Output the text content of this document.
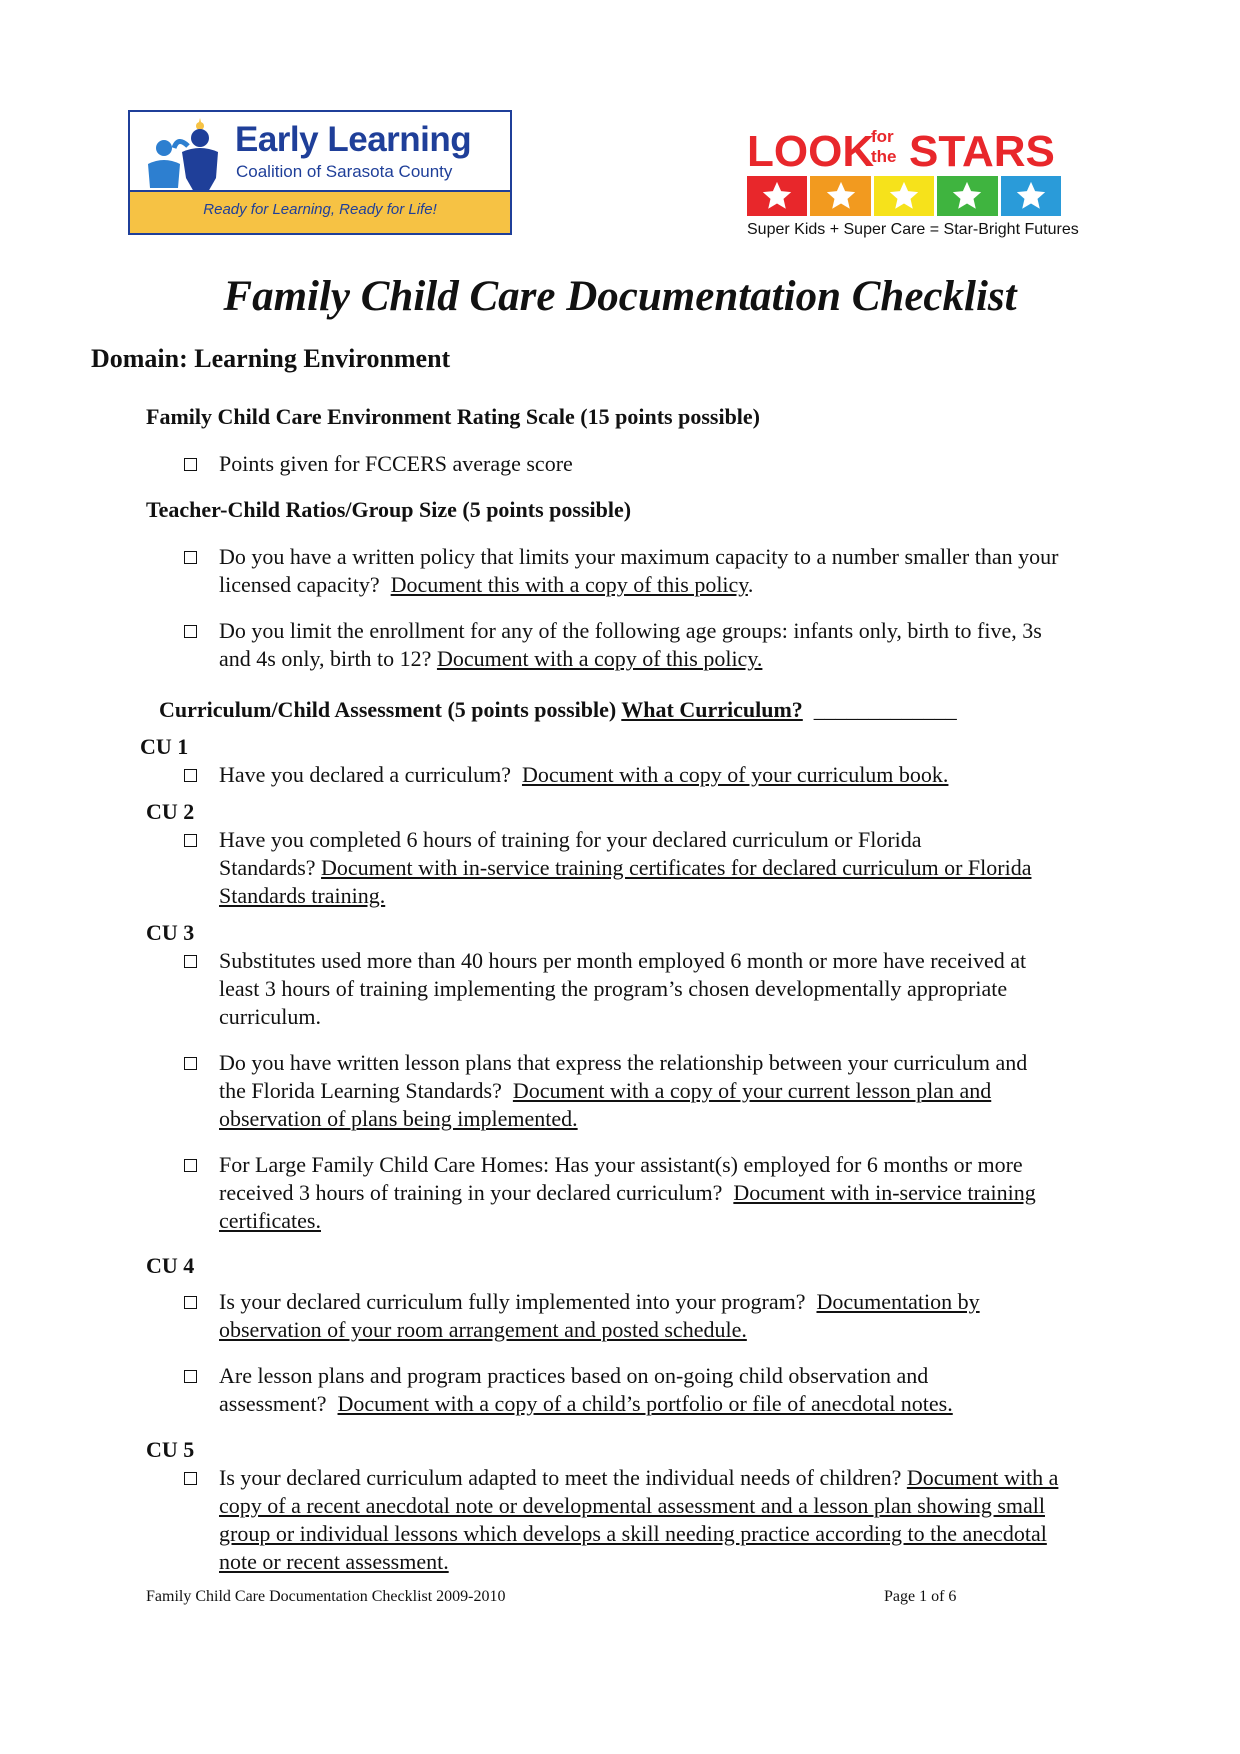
Early Learning
Coalition of Sarasota County
Ready for Learning, Ready for Life!
LOOK
for
the STARS
Super Kids + Super Care = Star-Bright Futures
Family Child Care Documentation Checklist
Domain: Learning Environment
Family Child Care Environment Rating Scale (15 points possible)
Points given for FCCERS average score
Teacher-Child Ratios/Group Size (5 points possible)
Do you have a written policy that limits your maximum capacity to a number smaller than your licensed capacity? Document this with a copy of this policy.
Do you limit the enrollment for any of the following age groups: infants only, birth to five, 3s and 4s only, birth to 12? Document with a copy of this policy.
Curriculum/Child Assessment (5 points possible) What Curriculum? _____________
CU 1
Have you declared a curriculum? Document with a copy of your curriculum book.
CU 2
Have you completed 6 hours of training for your declared curriculum or Florida Standards? Document with in-service training certificates for declared curriculum or Florida Standards training.
CU 3
Substitutes used more than 40 hours per month employed 6 month or more have received at least 3 hours of training implementing the program’s chosen developmentally appropriate curriculum.
Do you have written lesson plans that express the relationship between your curriculum and the Florida Learning Standards? Document with a copy of your current lesson plan and observation of plans being implemented.
For Large Family Child Care Homes: Has your assistant(s) employed for 6 months or more received 3 hours of training in your declared curriculum? Document with in-service training certificates.
CU 4
Is your declared curriculum fully implemented into your program? Documentation by observation of your room arrangement and posted schedule.
Are lesson plans and program practices based on on-going child observation and assessment? Document with a copy of a child’s portfolio or file of anecdotal notes.
CU 5
Is your declared curriculum adapted to meet the individual needs of children? Document with a copy of a recent anecdotal note or developmental assessment and a lesson plan showing small group or individual lessons which develops a skill needing practice according to the anecdotal note or recent assessment.
Family Child Care Documentation Checklist 2009-2010	Page 1 of 6
